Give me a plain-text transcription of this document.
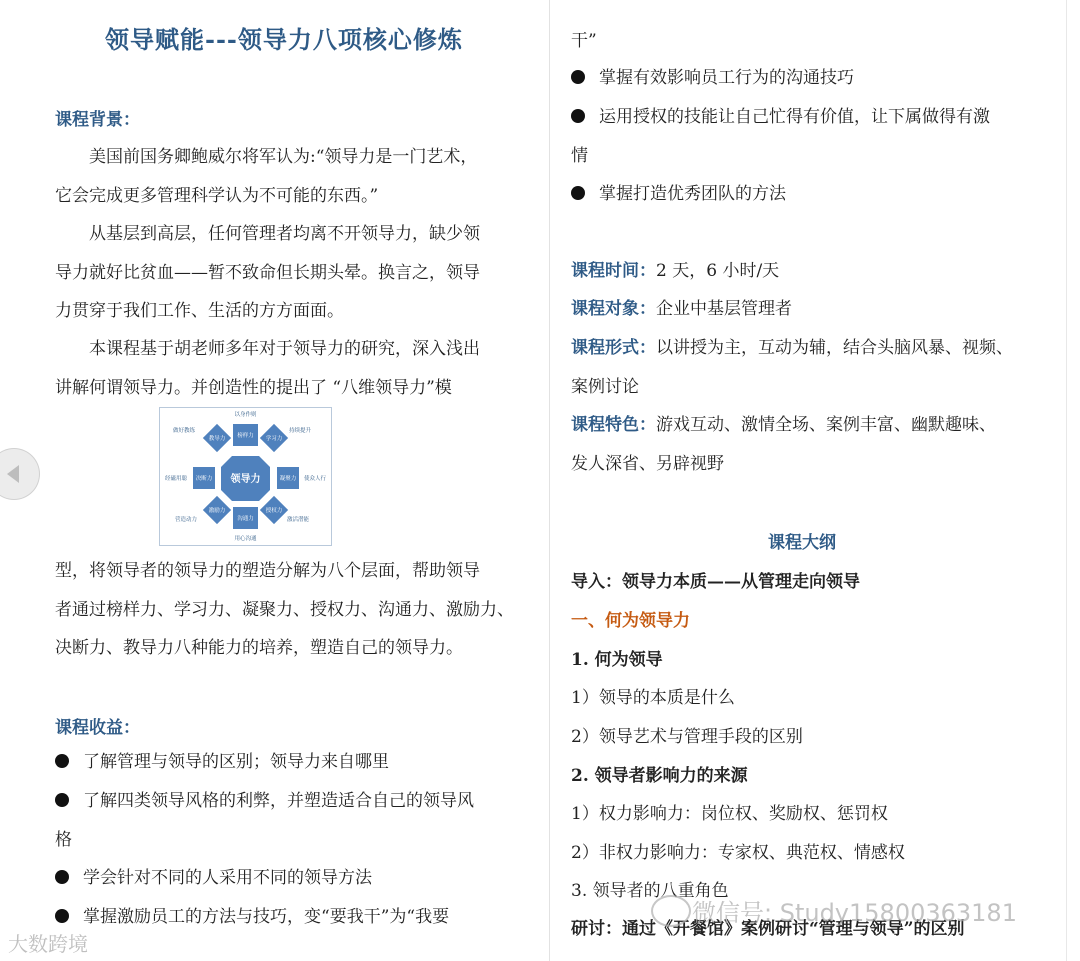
领导赋能---领导力八项核心修炼
课程背景：
美国前国务卿鲍威尔将军认为:“领导力是一门艺术，
它会完成更多管理科学认为不可能的东西。”
从基层到高层，任何管理者均离不开领导力，缺少领
导力就好比贫血——暂不致命但长期头晕。换言之，领导
力贯穿于我们工作、生活的方方面面。
本课程基于胡老师多年对于领导力的研究，深入浅出
讲解何谓领导力。并创造性的提出了 “八维领导力”模
领导力
榜样力 学习力
凝聚力
授权力
沟通力
激励力
决断力
教导力
以身作则
持续提升
使众人行
激活潜能
用心沟通
营造动力
经磁用聪
做好教练
型，将领导者的领导力的塑造分解为八个层面，帮助领导
者通过榜样力、学习力、凝聚力、授权力、沟通力、激励力、
决断力、教导力八种能力的培养，塑造自己的领导力。
课程收益：
了解管理与领导的区别；领导力来自哪里
了解四类领导风格的利弊，并塑造适合自己的领导风
格
学会针对不同的人采用不同的领导方法
掌握激励员工的方法与技巧，变“要我干”为“我要
干”
掌握有效影响员工行为的沟通技巧
运用授权的技能让自己忙得有价值，让下属做得有激
情
掌握打造优秀团队的方法
课程时间：2 天，6 小时/天
课程对象：企业中基层管理者
课程形式：以讲授为主，互动为辅，结合头脑风暴、视频、
案例讨论
课程特色：游戏互动、激情全场、案例丰富、幽默趣味、
发人深省、另辟视野
课程大纲
导入：领导力本质——从管理走向领导
一、何为领导力
1. 何为领导
1）领导的本质是什么
2）领导艺术与管理手段的区别
2. 领导者影响力的来源
1）权力影响力：岗位权、奖励权、惩罚权
2）非权力影响力：专家权、典范权、情感权
3. 领导者的八重角色
研讨：通过《开餐馆》案例研讨“管理与领导”的区别
微信号: Study15800363181
大数跨境
